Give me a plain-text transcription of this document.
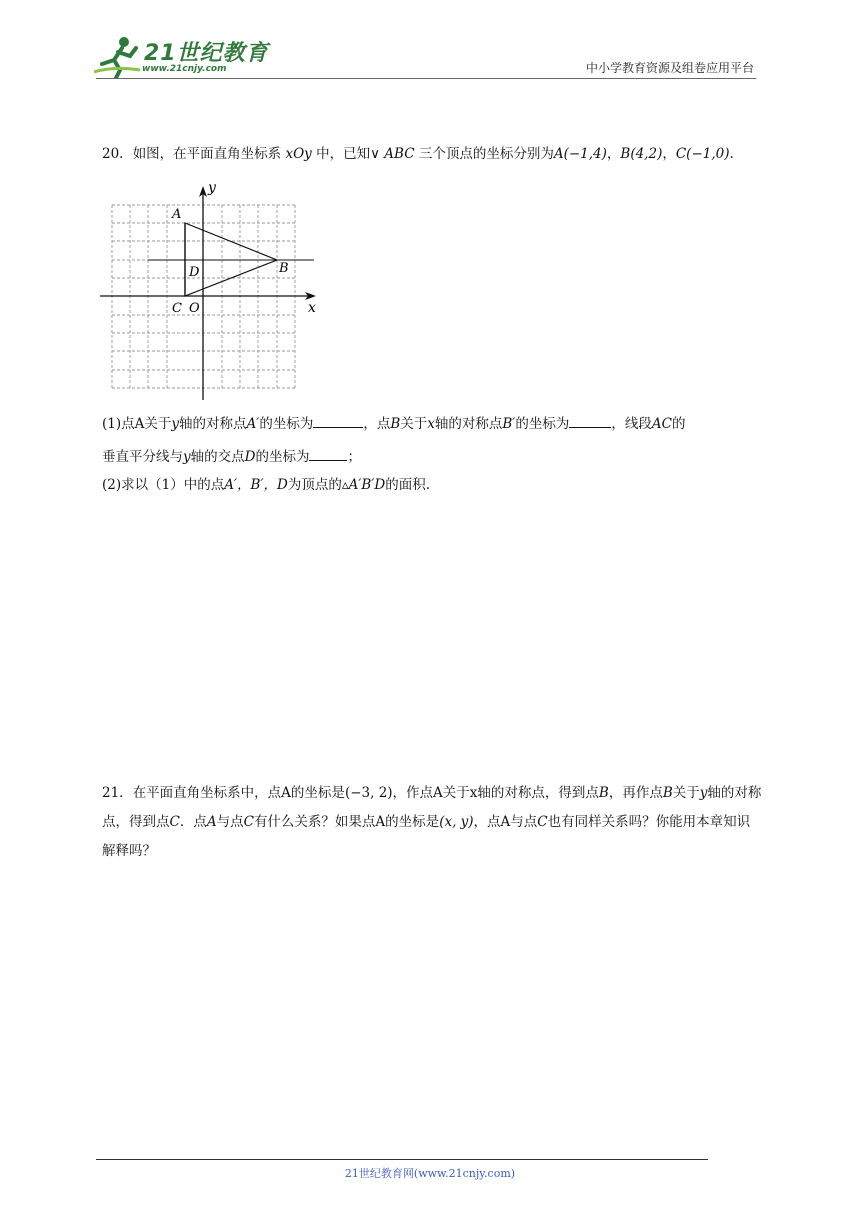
21世纪教育
www.21cnjy.com	中小学教育资源及组卷应用平台
20．如图，在平面直角坐标系 xOy 中，已知∨ ABC 三个顶点的坐标分别为A(−1,4)，B(4,2)，C(−1,0).
y
x
A
B
C
D
O
(1)点A关于y轴的对称点A′的坐标为	，点B关于x轴的对称点B′的坐标为	，线段AC的
垂直平分线与y轴的交点D的坐标为	；
(2)求以（1）中的点A′，B′，D为顶点的▵A′B′D的面积.
21．在平面直角坐标系中，点A的坐标是(−3, 2)，作点A关于x轴的对称点，得到点B，再作点B关于y轴的对称点，得到点C．点A与点C有什么关系？如果点A的坐标是(x, y)，点A与点C也有同样关系吗？你能用本章知识解释吗？
21世纪教育网(www.21cnjy.com)
